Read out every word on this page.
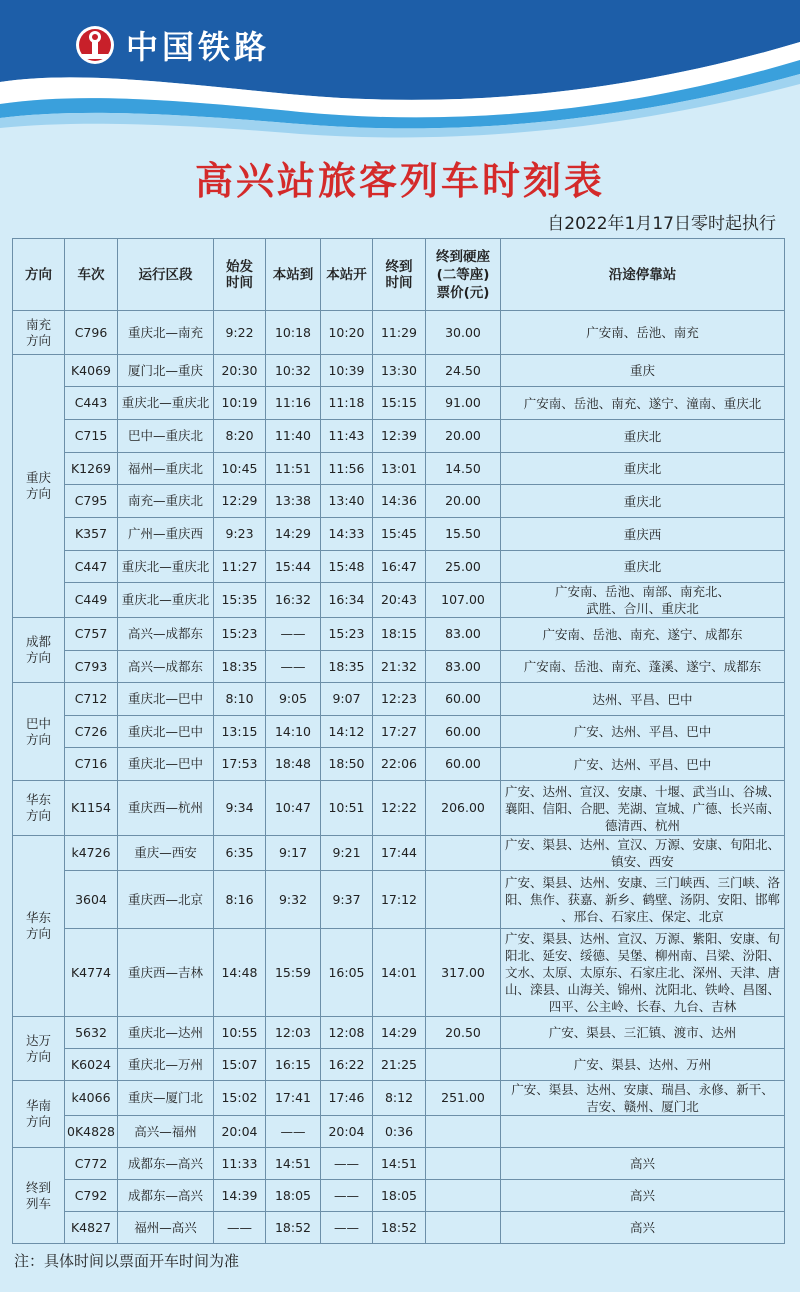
中国铁路
高兴站旅客列车时刻表
自2022年1月17日零时起执行
方向	车次	运行区段	始发
时间	本站到	本站开	终到
时间	终到硬座
(二等座)
票价(元)	沿途停靠站
南充
方向	C796	重庆北—南充	9:22	10:18	10:20	11:29	30.00	广安南、岳池、南充
重庆
方向	K4069	厦门北—重庆	20:30	10:32	10:39	13:30	24.50	重庆
	C443	重庆北—重庆北	10:19	11:16	11:18	15:15	91.00	广安南、岳池、南充、遂宁、潼南、重庆北
	C715	巴中—重庆北	8:20	11:40	11:43	12:39	20.00	重庆北
	K1269	福州—重庆北	10:45	11:51	11:56	13:01	14.50	重庆北
	C795	南充—重庆北	12:29	13:38	13:40	14:36	20.00	重庆北
	K357	广州—重庆西	9:23	14:29	14:33	15:45	15.50	重庆西
	C447	重庆北—重庆北	11:27	15:44	15:48	16:47	25.00	重庆北
	C449	重庆北—重庆北	15:35	16:32	16:34	20:43	107.00	广安南、岳池、南部、南充北、
武胜、合川、重庆北
成都
方向	C757	高兴—成都东	15:23	——	15:23	18:15	83.00	广安南、岳池、南充、遂宁、成都东
	C793	高兴—成都东	18:35	——	18:35	21:32	83.00	广安南、岳池、南充、蓬溪、遂宁、成都东
巴中
方向	C712	重庆北—巴中	8:10	9:05	9:07	12:23	60.00	达州、平昌、巴中
	C726	重庆北—巴中	13:15	14:10	14:12	17:27	60.00	广安、达州、平昌、巴中
	C716	重庆北—巴中	17:53	18:48	18:50	22:06	60.00	广安、达州、平昌、巴中
华东
方向	K1154	重庆西—杭州	9:34	10:47	10:51	12:22	206.00	广安、达州、宣汉、安康、十堰、武当山、谷城、
襄阳、信阳、合肥、芜湖、宣城、广德、长兴南、
德清西、杭州
华东
方向	k4726	重庆—西安	6:35	9:17	9:21	17:44		广安、渠县、达州、宣汉、万源、安康、旬阳北、
镇安、西安
	3604	重庆西—北京	8:16	9:32	9:37	17:12		广安、渠县、达州、安康、三门峡西、三门峡、洛
阳、焦作、获嘉、新乡、鹤壁、汤阴、安阳、邯郸
、邢台、石家庄、保定、北京
	K4774	重庆西—吉林	14:48	15:59	16:05	14:01	317.00	广安、渠县、达州、宣汉、万源、紫阳、安康、旬
阳北、延安、绥德、吴堡、柳州南、吕梁、汾阳、
文水、太原、太原东、石家庄北、深州、天津、唐
山、滦县、山海关、锦州、沈阳北、铁岭、昌图、
四平、公主岭、长春、九台、吉林
达万
方向	5632	重庆北—达州	10:55	12:03	12:08	14:29	20.50	广安、渠县、三汇镇、渡市、达州
	K6024	重庆北—万州	15:07	16:15	16:22	21:25		广安、渠县、达州、万州
华南
方向	k4066	重庆—厦门北	15:02	17:41	17:46	8:12	251.00	广安、渠县、达州、安康、瑞昌、永修、新干、
吉安、赣州、厦门北
	0K4828	高兴—福州	20:04	——	20:04	0:36		
终到
列车	C772	成都东—高兴	11:33	14:51	——	14:51		高兴
	C792	成都东—高兴	14:39	18:05	——	18:05		高兴
	K4827	福州—高兴	——	18:52	——	18:52		高兴
注：具体时间以票面开车时间为准
